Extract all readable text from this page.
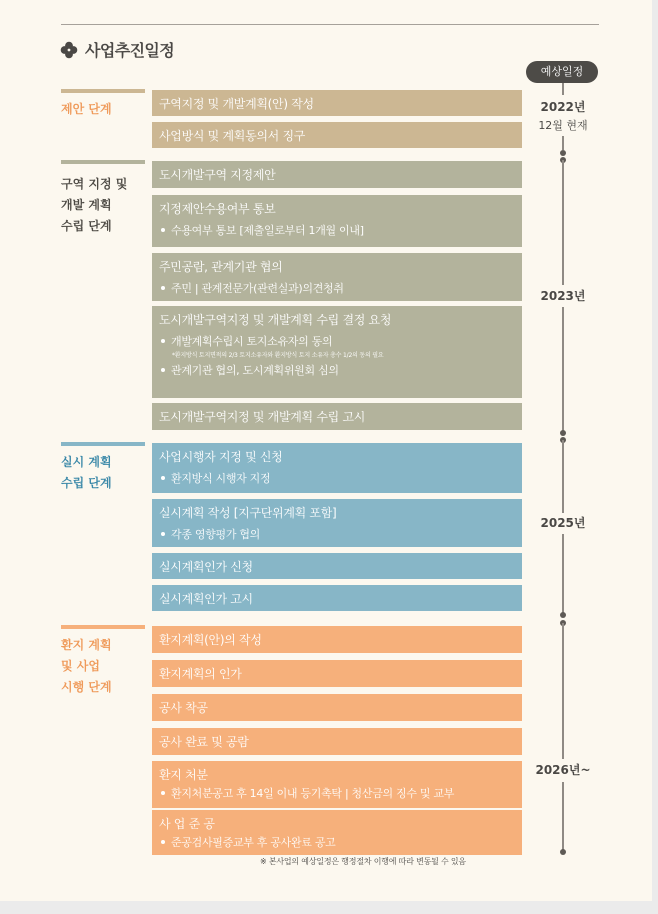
사업추진일정
제안 단계	구역지정 및 개발계획(안) 작성
사업방식 및 계획동의서 징구
구역 지정 및
개발 계획
수립 단계
도시개발구역 지정제안
지정제안수용여부 통보
수용여부 통보 [제출일로부터 1개월 이내]
주민공람, 관계기관 협의
주민 | 관계전문가(관련실과)의견청취
도시개발구역지정 및 개발계획 수립 결정 요청
개발계획수립시 토지소유자의 동의
*환지방식 토지면적의 2/3 토지소유자와 환지방식 토지 소유자 총수 1/2의 동의 필요
관계기관 협의, 도시계획위원회 심의
도시개발구역지정 및 개발계획 수립 고시
실시 계획
수립 단계
사업시행자 지정 및 신청
환지방식 시행자 지정
실시계획 작성 [지구단위계획 포함]
각종 영향평가 협의
실시계획인가 신청
실시계획인가 고시
환지 계획
및 사업
시행 단계
환지계획(안)의 작성
환지계획의 인가
공사 착공
공사 완료 및 공람
환지 처분
환지처분공고 후 14일 이내 등기촉탁 | 청산금의 징수 및 교부
사 업 준 공
준공검사필증교부 후 공사완료 공고
예상일정
2022년
12월 현재
2023년
2025년
2026년~
※ 본사업의 예상일정은 행정절차 이행에 따라 변동될 수 있음
